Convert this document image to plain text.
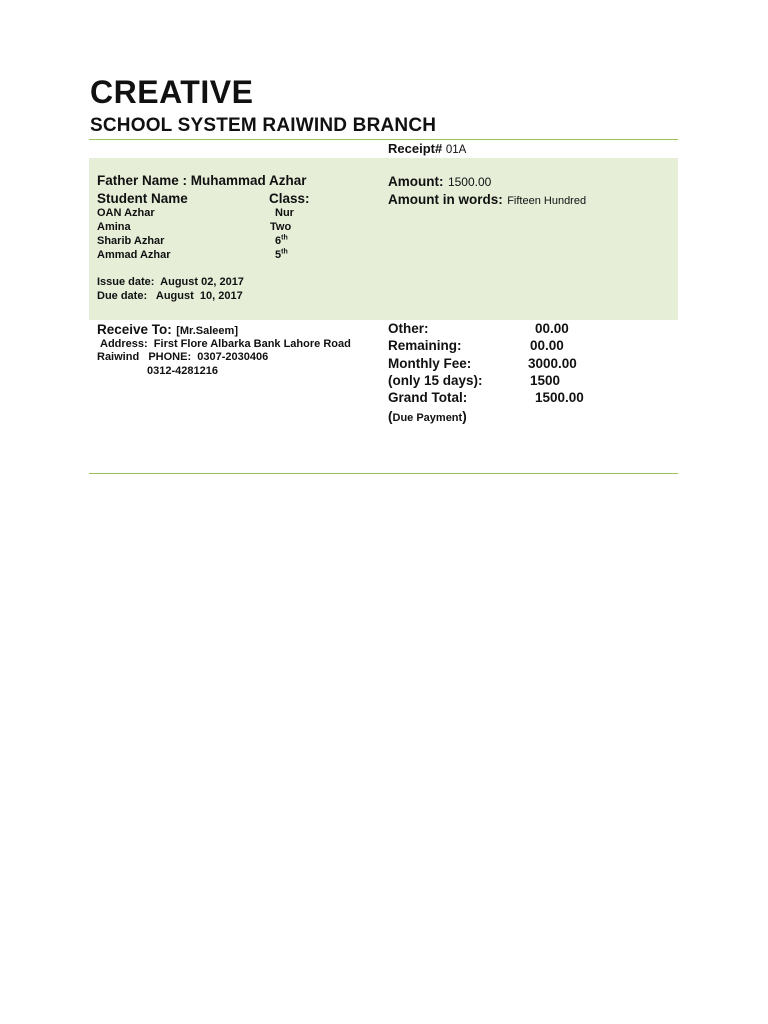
CREATIVE
SCHOOL SYSTEM RAIWIND BRANCH
Receipt# 01A
Father Name : Muhammad Azhar
Student Name	Class:
OAN Azhar	Nur
Amina	Two
Sharib Azhar	6th
Ammad Azhar	5th
Issue date:  August 02, 2017
Due date:   August  10, 2017
Amount: 1500.00
Amount in words: Fifteen Hundred
Receive To: [Mr.Saleem]
Address:  First Flore Albarka Bank Lahore Road
Raiwind   PHONE:  0307-2030406
0312-4281216
Other:	00.00
Remaining:	00.00
Monthly Fee:	3000.00
(only 15 days):	1500
Grand Total:	1500.00
(Due Payment)
